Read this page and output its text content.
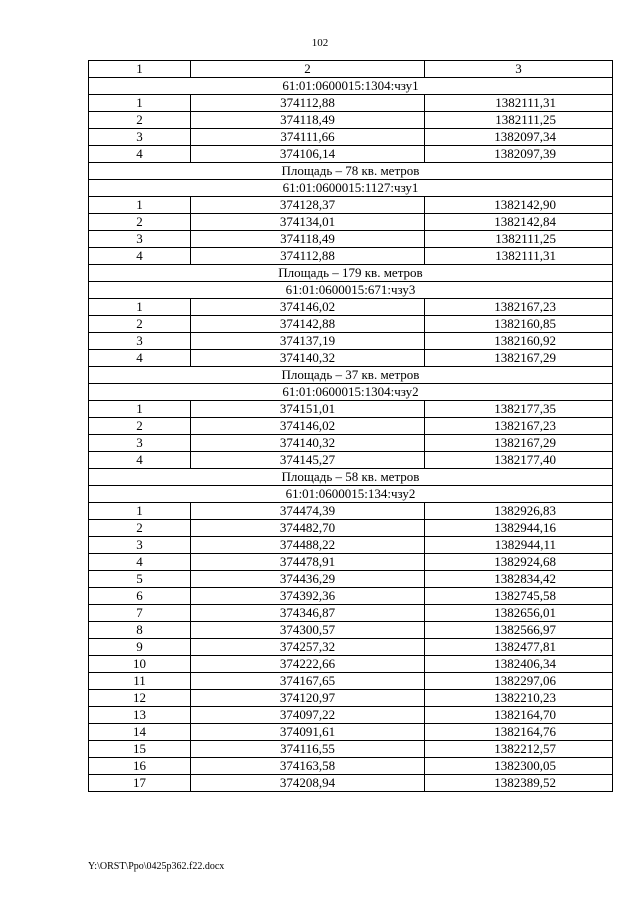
102
1	2	3
61:01:0600015:1304:чзу1		
1	374112,88	1382111,31
2	374118,49	1382111,25
3	374111,66	1382097,34
4	374106,14	1382097,39
Площадь – 78 кв. метров		
61:01:0600015:1127:чзу1		
1	374128,37	1382142,90
2	374134,01	1382142,84
3	374118,49	1382111,25
4	374112,88	1382111,31
Площадь – 179 кв. метров		
61:01:0600015:671:чзу3		
1	374146,02	1382167,23
2	374142,88	1382160,85
3	374137,19	1382160,92
4	374140,32	1382167,29
Площадь – 37 кв. метров		
61:01:0600015:1304:чзу2		
1	374151,01	1382177,35
2	374146,02	1382167,23
3	374140,32	1382167,29
4	374145,27	1382177,40
Площадь – 58 кв. метров		
61:01:0600015:134:чзу2		
1	374474,39	1382926,83
2	374482,70	1382944,16
3	374488,22	1382944,11
4	374478,91	1382924,68
5	374436,29	1382834,42
6	374392,36	1382745,58
7	374346,87	1382656,01
8	374300,57	1382566,97
9	374257,32	1382477,81
10	374222,66	1382406,34
11	374167,65	1382297,06
12	374120,97	1382210,23
13	374097,22	1382164,70
14	374091,61	1382164,76
15	374116,55	1382212,57
16	374163,58	1382300,05
17	374208,94	1382389,52
Y:\ORST\Ppo\0425p362.f22.docx
